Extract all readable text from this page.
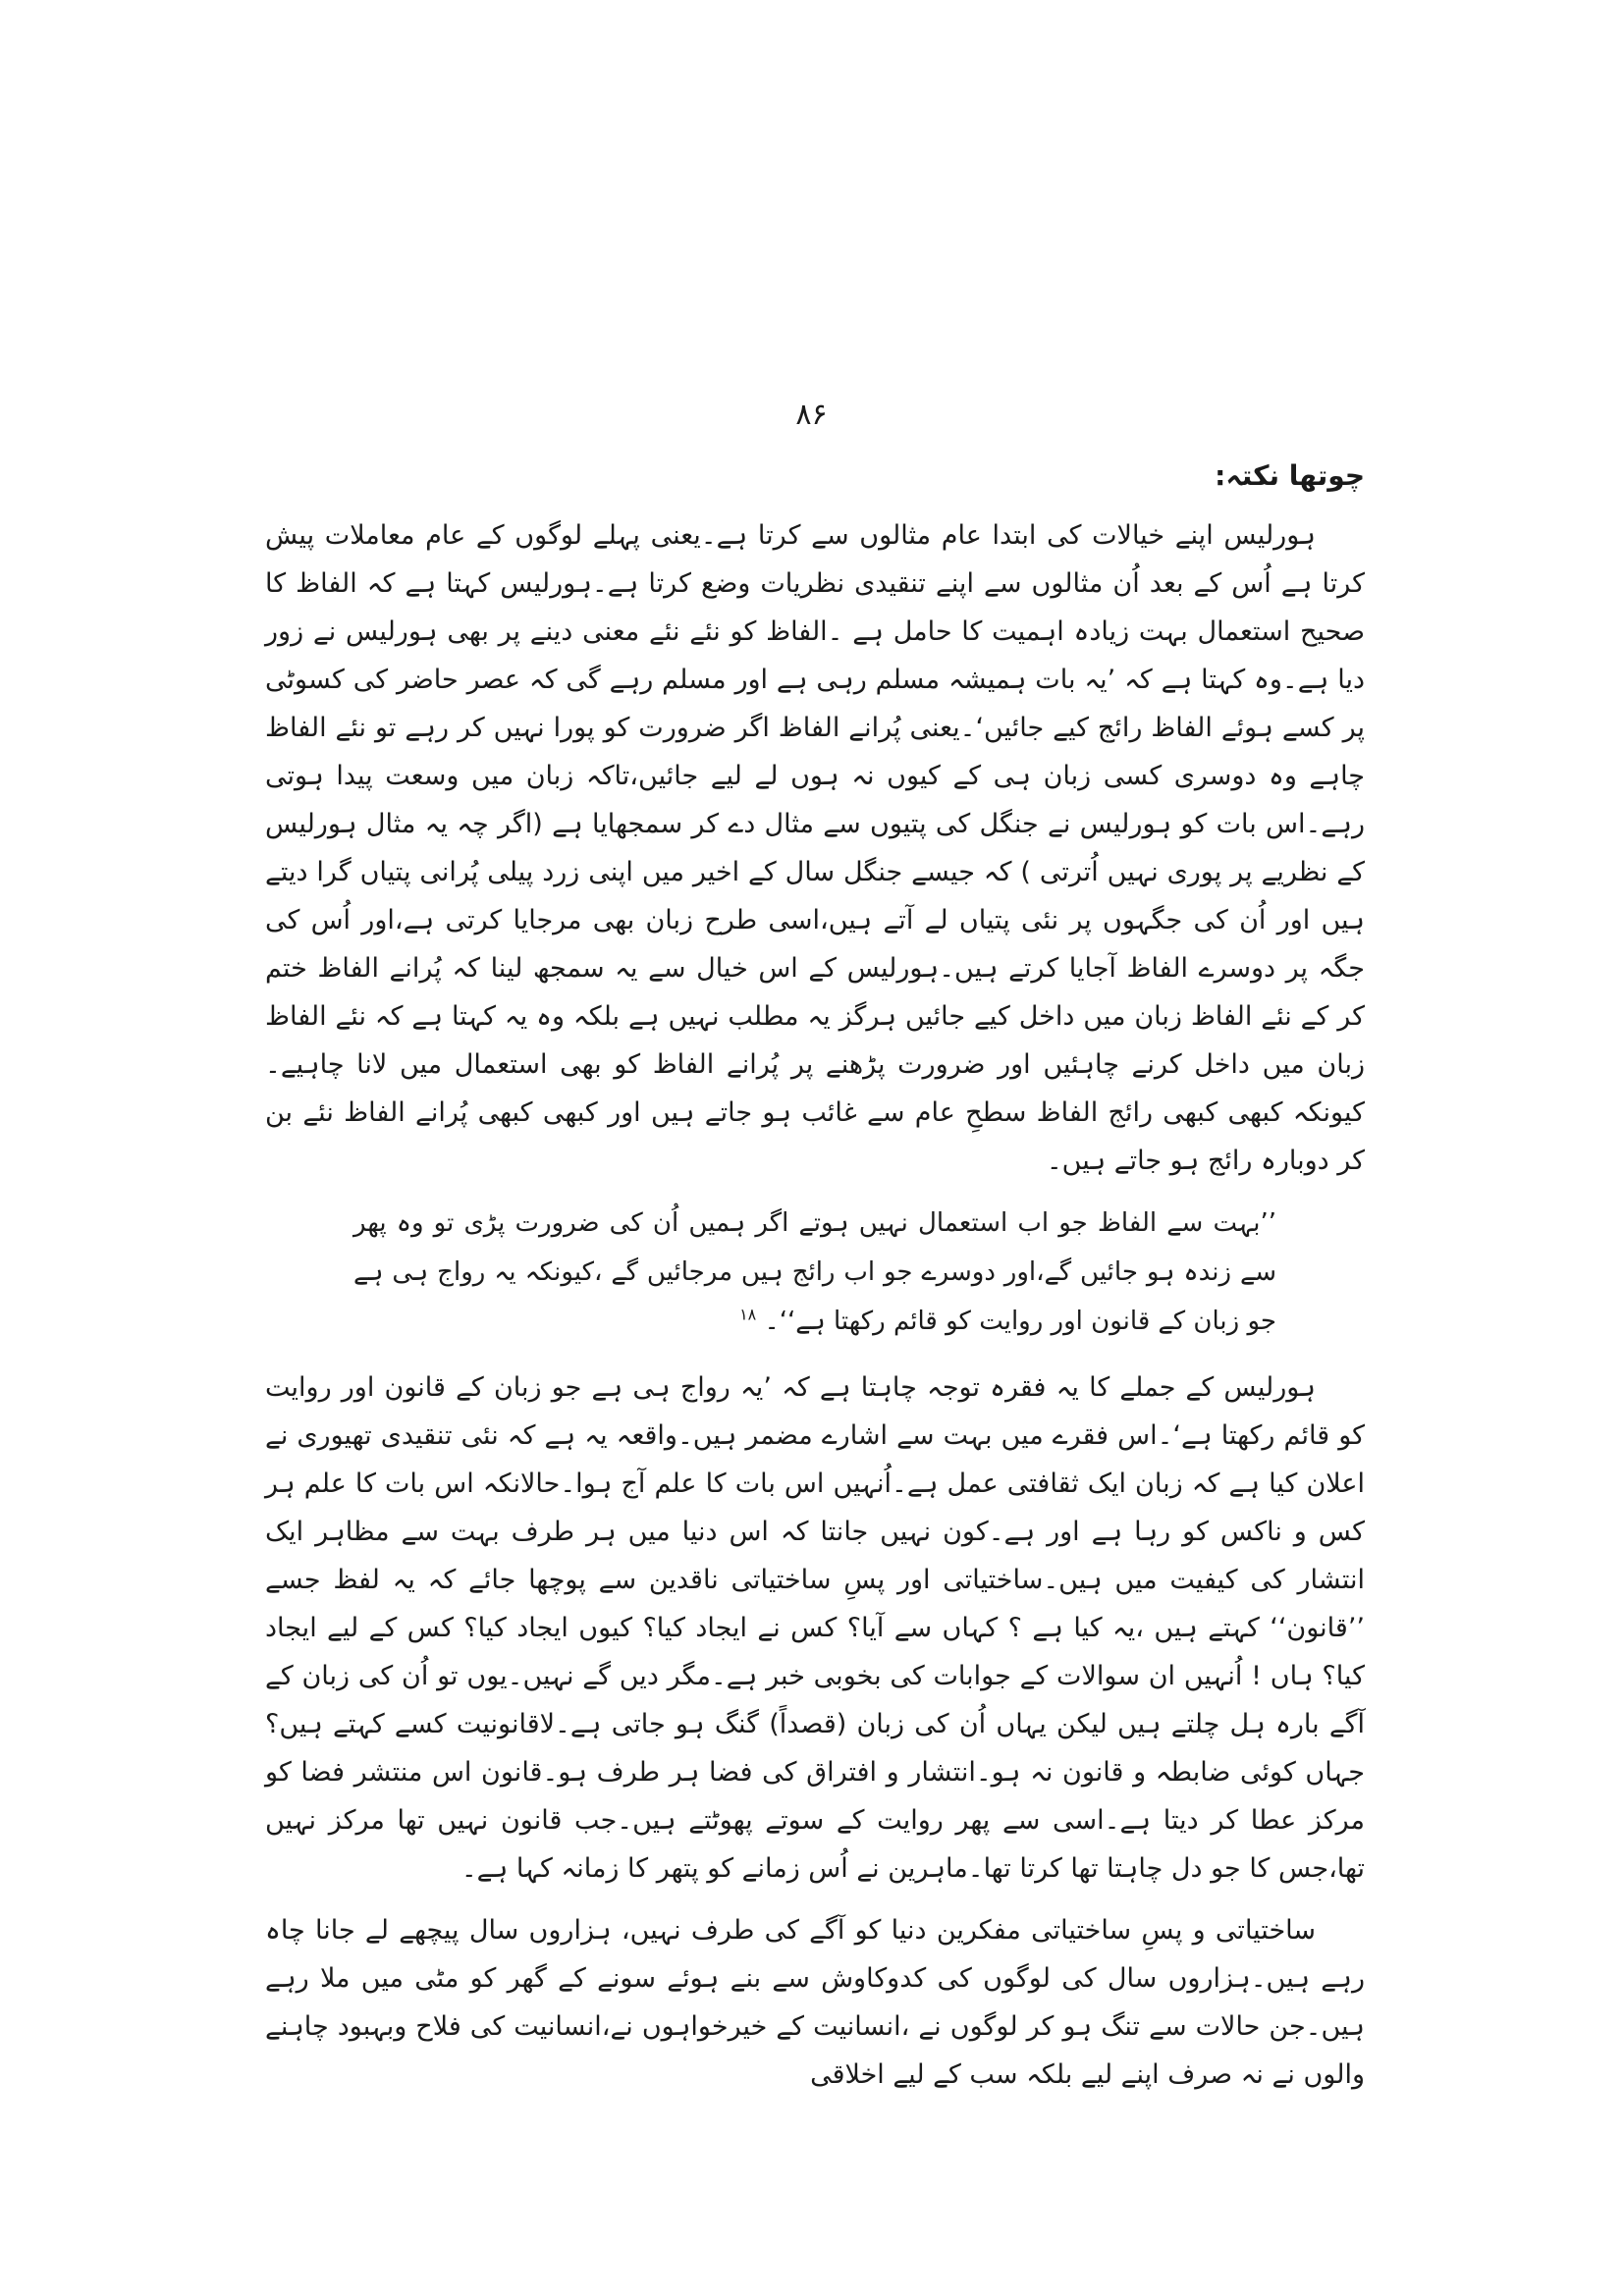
۸۶
چوتھا نکتہ:

ہورلیس اپنے خیالات کی ابتدا عام مثالوں سے کرتا ہے۔یعنی پہلے لوگوں کے عام معاملات پیش کرتا ہے اُس کے بعد اُن مثالوں سے اپنے تنقیدی نظریات وضع کرتا ہے۔ہورلیس کہتا ہے کہ الفاظ کا صحیح استعمال بہت زیادہ اہمیت کا حامل ہے ۔الفاظ کو نئے نئے معنی دینے پر بھی ہورلیس نے زور دیا ہے۔وہ کہتا ہے کہ ’یہ بات ہمیشہ مسلم رہی ہے اور مسلم رہے گی کہ عصر حاضر کی کسوٹی پر کسے ہوئے الفاظ رائج کیے جائیں‘۔یعنی پُرانے الفاظ اگر ضرورت کو پورا نہیں کر رہے تو نئے الفاظ چاہے وہ دوسری کسی زبان ہی کے کیوں نہ ہوں لے لیے جائیں،تاکہ زبان میں وسعت پیدا ہوتی رہے۔اس بات کو ہورلیس نے جنگل کی پتیوں سے مثال دے کر سمجھایا ہے (اگر چہ یہ مثال ہورلیس کے نظریے پر پوری نہیں اُترتی ) کہ جیسے جنگل سال کے اخیر میں اپنی زرد پیلی پُرانی پتیاں گرا دیتے ہیں اور اُن کی جگہوں پر نئی پتیاں لے آتے ہیں،اسی طرح زبان بھی مرجایا کرتی ہے،اور اُس کی جگہ پر دوسرے الفاظ آجایا کرتے ہیں۔ہورلیس کے اس خیال سے یہ سمجھ لینا کہ پُرانے الفاظ ختم کر کے نئے الفاظ زبان میں داخل کیے جائیں ہرگز یہ مطلب نہیں ہے بلکہ وہ یہ کہتا ہے کہ نئے الفاظ زبان میں داخل کرنے چاہئیں اور ضرورت پڑھنے پر پُرانے الفاظ کو بھی استعمال میں لانا چاہیے۔کیونکہ کبھی کبھی رائج الفاظ سطحِ عام سے غائب ہو جاتے ہیں اور کبھی کبھی پُرانے الفاظ نئے بن کر دوبارہ رائج ہو جاتے ہیں۔

’’بہت سے الفاظ جو اب استعمال نہیں ہوتے اگر ہمیں اُن کی ضرورت پڑی تو وہ پھر سے زندہ ہو جائیں گے،اور دوسرے جو اب رائج ہیں مرجائیں گے ،کیونکہ یہ رواج ہی ہے جو زبان کے قانون اور روایت کو قائم رکھتا ہے‘‘۔ $^{۱۸}$

ہورلیس کے جملے کا یہ فقرہ توجہ چاہتا ہے کہ ’یہ رواج ہی ہے جو زبان کے قانون اور روایت کو قائم رکھتا ہے‘۔اس فقرے میں بہت سے اشارے مضمر ہیں۔واقعہ یہ ہے کہ نئی تنقیدی تھیوری نے اعلان کیا ہے کہ زبان ایک ثقافتی عمل ہے۔اُنہیں اس بات کا علم آج ہوا۔حالانکہ اس بات کا علم ہر کس و ناکس کو رہا ہے اور ہے۔کون نہیں جانتا کہ اس دنیا میں ہر طرف بہت سے مظاہر ایک انتشار کی کیفیت میں ہیں۔ساختیاتی اور پسِ ساختیاتی ناقدین سے پوچھا جائے کہ یہ لفظ جسے ’’قانون‘‘ کہتے ہیں ،یہ کیا ہے ؟ کہاں سے آیا؟ کس نے ایجاد کیا؟ کیوں ایجاد کیا؟ کس کے لیے ایجاد کیا؟ ہاں ! اُنہیں ان سوالات کے جوابات کی بخوبی خبر ہے۔مگر دیں گے نہیں۔یوں تو اُن کی زبان کے آگے بارہ ہل چلتے ہیں لیکن یہاں اُن کی زبان (قصداً) گنگ ہو جاتی ہے۔لاقانونیت کسے کہتے ہیں؟ جہاں کوئی ضابطہ و قانون نہ ہو۔انتشار و افتراق کی فضا ہر طرف ہو۔قانون اس منتشر فضا کو مرکز عطا کر دیتا ہے۔اسی سے پھر روایت کے سوتے پھوٹتے ہیں۔جب قانون نہیں تھا مرکز نہیں تھا،جس کا جو دل چاہتا تھا کرتا تھا۔ماہرین نے اُس زمانے کو پتھر کا زمانہ کہا ہے۔

ساختیاتی و پسِ ساختیاتی مفکرین دنیا کو آگے کی طرف نہیں، ہزاروں سال پیچھے لے جانا چاہ رہے ہیں۔ہزاروں سال کی لوگوں کی کدوکاوش سے بنے ہوئے سونے کے گھر کو مٹی میں ملا رہے ہیں۔جن حالات سے تنگ ہو کر لوگوں نے ،انسانیت کے خیرخواہوں نے،انسانیت کی فلاح وبہبود چاہنے والوں نے نہ صرف اپنے لیے بلکہ سب کے لیے اخلاقی
